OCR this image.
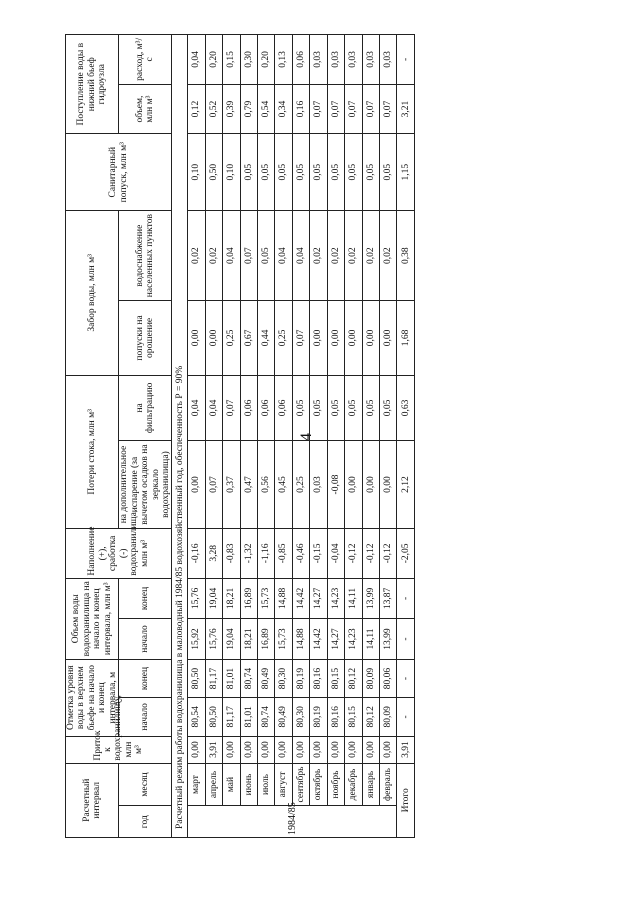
4
Расчетный интервал		Приток к водохранилищу, млн м³	Отметка уровня воды в верхнем бьефе на начало и конец интервала, м		Объем воды водохранилища на начало и конец интервала, млн м³		Наполнение (+), сработка (-) водохранилища, млн м³	Потери стока, млн м³		Забор воды, млн м³		Санитарный попуск, млн м³	Поступление воды в нижний бьеф гидроузла	
год	месяц		начало	конец	начало	конец		на дополнительное испарение (за вычетом осадков на зеркало водохранилища)	на фильтрацию	попуски на орошение	водоснабжение населенных пунктов		объем, млн м³	расход, м³/с
Расчетный режим работы водохранилища в маловодный 1984/85 водохозяйственный год, обеспеченность Р = 90%														
1984/85	март	0,00	80,54	80,50	15,92	15,76	-0,16	0,00	0,04	0,00	0,02	0,10	0,12	0,04
	апрель	3,91	80,50	81,17	15,76	19,04	3,28	0,07	0,04	0,00	0,02	0,50	0,52	0,20
	май	0,00	81,17	81,01	19,04	18,21	-0,83	0,37	0,07	0,25	0,04	0,10	0,39	0,15
	июнь	0,00	81,01	80,74	18,21	16,89	-1,32	0,47	0,06	0,67	0,07	0,05	0,79	0,30
	июль	0,00	80,74	80,49	16,89	15,73	-1,16	0,56	0,06	0,44	0,05	0,05	0,54	0,20
	август	0,00	80,49	80,30	15,73	14,88	-0,85	0,45	0,06	0,25	0,04	0,05	0,34	0,13
	сентябрь	0,00	80,30	80,19	14,88	14,42	-0,46	0,25	0,05	0,07	0,04	0,05	0,16	0,06
	октябрь	0,00	80,19	80,16	14,42	14,27	-0,15	0,03	0,05	0,00	0,02	0,05	0,07	0,03
	ноябрь	0,00	80,16	80,15	14,27	14,23	-0,04	-0,08	0,05	0,00	0,02	0,05	0,07	0,03
	декабрь	0,00	80,15	80,12	14,23	14,11	-0,12	0,00	0,05	0,00	0,02	0,05	0,07	0,03
	январь	0,00	80,12	80,09	14,11	13,99	-0,12	0,00	0,05	0,00	0,02	0,05	0,07	0,03
	февраль	0,00	80,09	80,06	13,99	13,87	-0,12	0,00	0,05	0,00	0,02	0,05	0,07	0,03
Итого		3,91	-	-	-	-	-2,05	2,12	0,63	1,68	0,38	1,15	3,21	-
